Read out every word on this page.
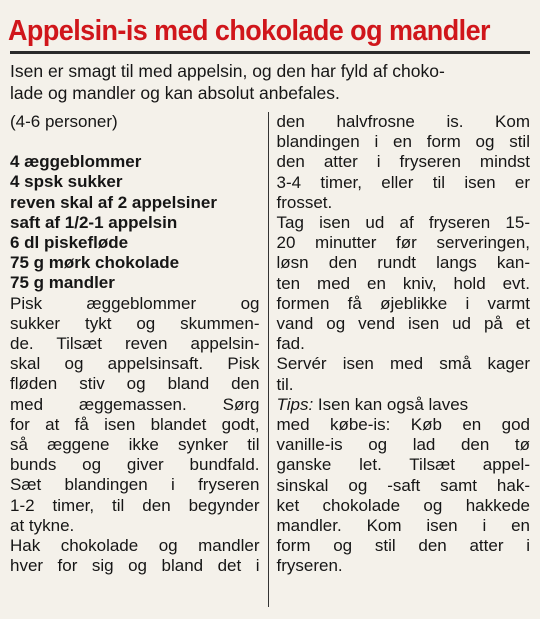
Appelsin-is med chokolade og mandler
Isen er smagt til med appelsin, og den har fyld af choko-
lade og mandler og kan absolut anbefales.
(4-6 personer)
4 æggeblommer
4 spsk sukker
reven skal af 2 appelsiner
saft af 1/2-1 appelsin
6 dl piskefløde
75 g mørk chokolade
75 g mandler
Pisk æggeblommer og
sukker tykt og skummen-
de. Tilsæt reven appelsin-
skal og appelsinsaft. Pisk
fløden stiv og bland den
med æggemassen. Sørg
for at få isen blandet godt,
så æggene ikke synker til
bunds og giver bundfald.
Sæt blandingen i fryseren
1-2 timer, til den begynder
at tykne.
Hak chokolade og mandler
hver for sig og bland det i
den halvfrosne is. Kom
blandingen i en form og stil
den atter i fryseren mindst
3-4 timer, eller til isen er
frosset.
Tag isen ud af fryseren 15-
20 minutter før serveringen,
løsn den rundt langs kan-
ten med en kniv, hold evt.
formen få øjeblikke i varmt
vand og vend isen ud på et
fad.
Servér isen med små kager
til.
Tips: Isen kan også laves
med købe-is: Køb en god
vanille-is og lad den tø
ganske let. Tilsæt appel-
sinskal og -saft samt hak-
ket chokolade og hakkede
mandler. Kom isen i en
form og stil den atter i
fryseren.
